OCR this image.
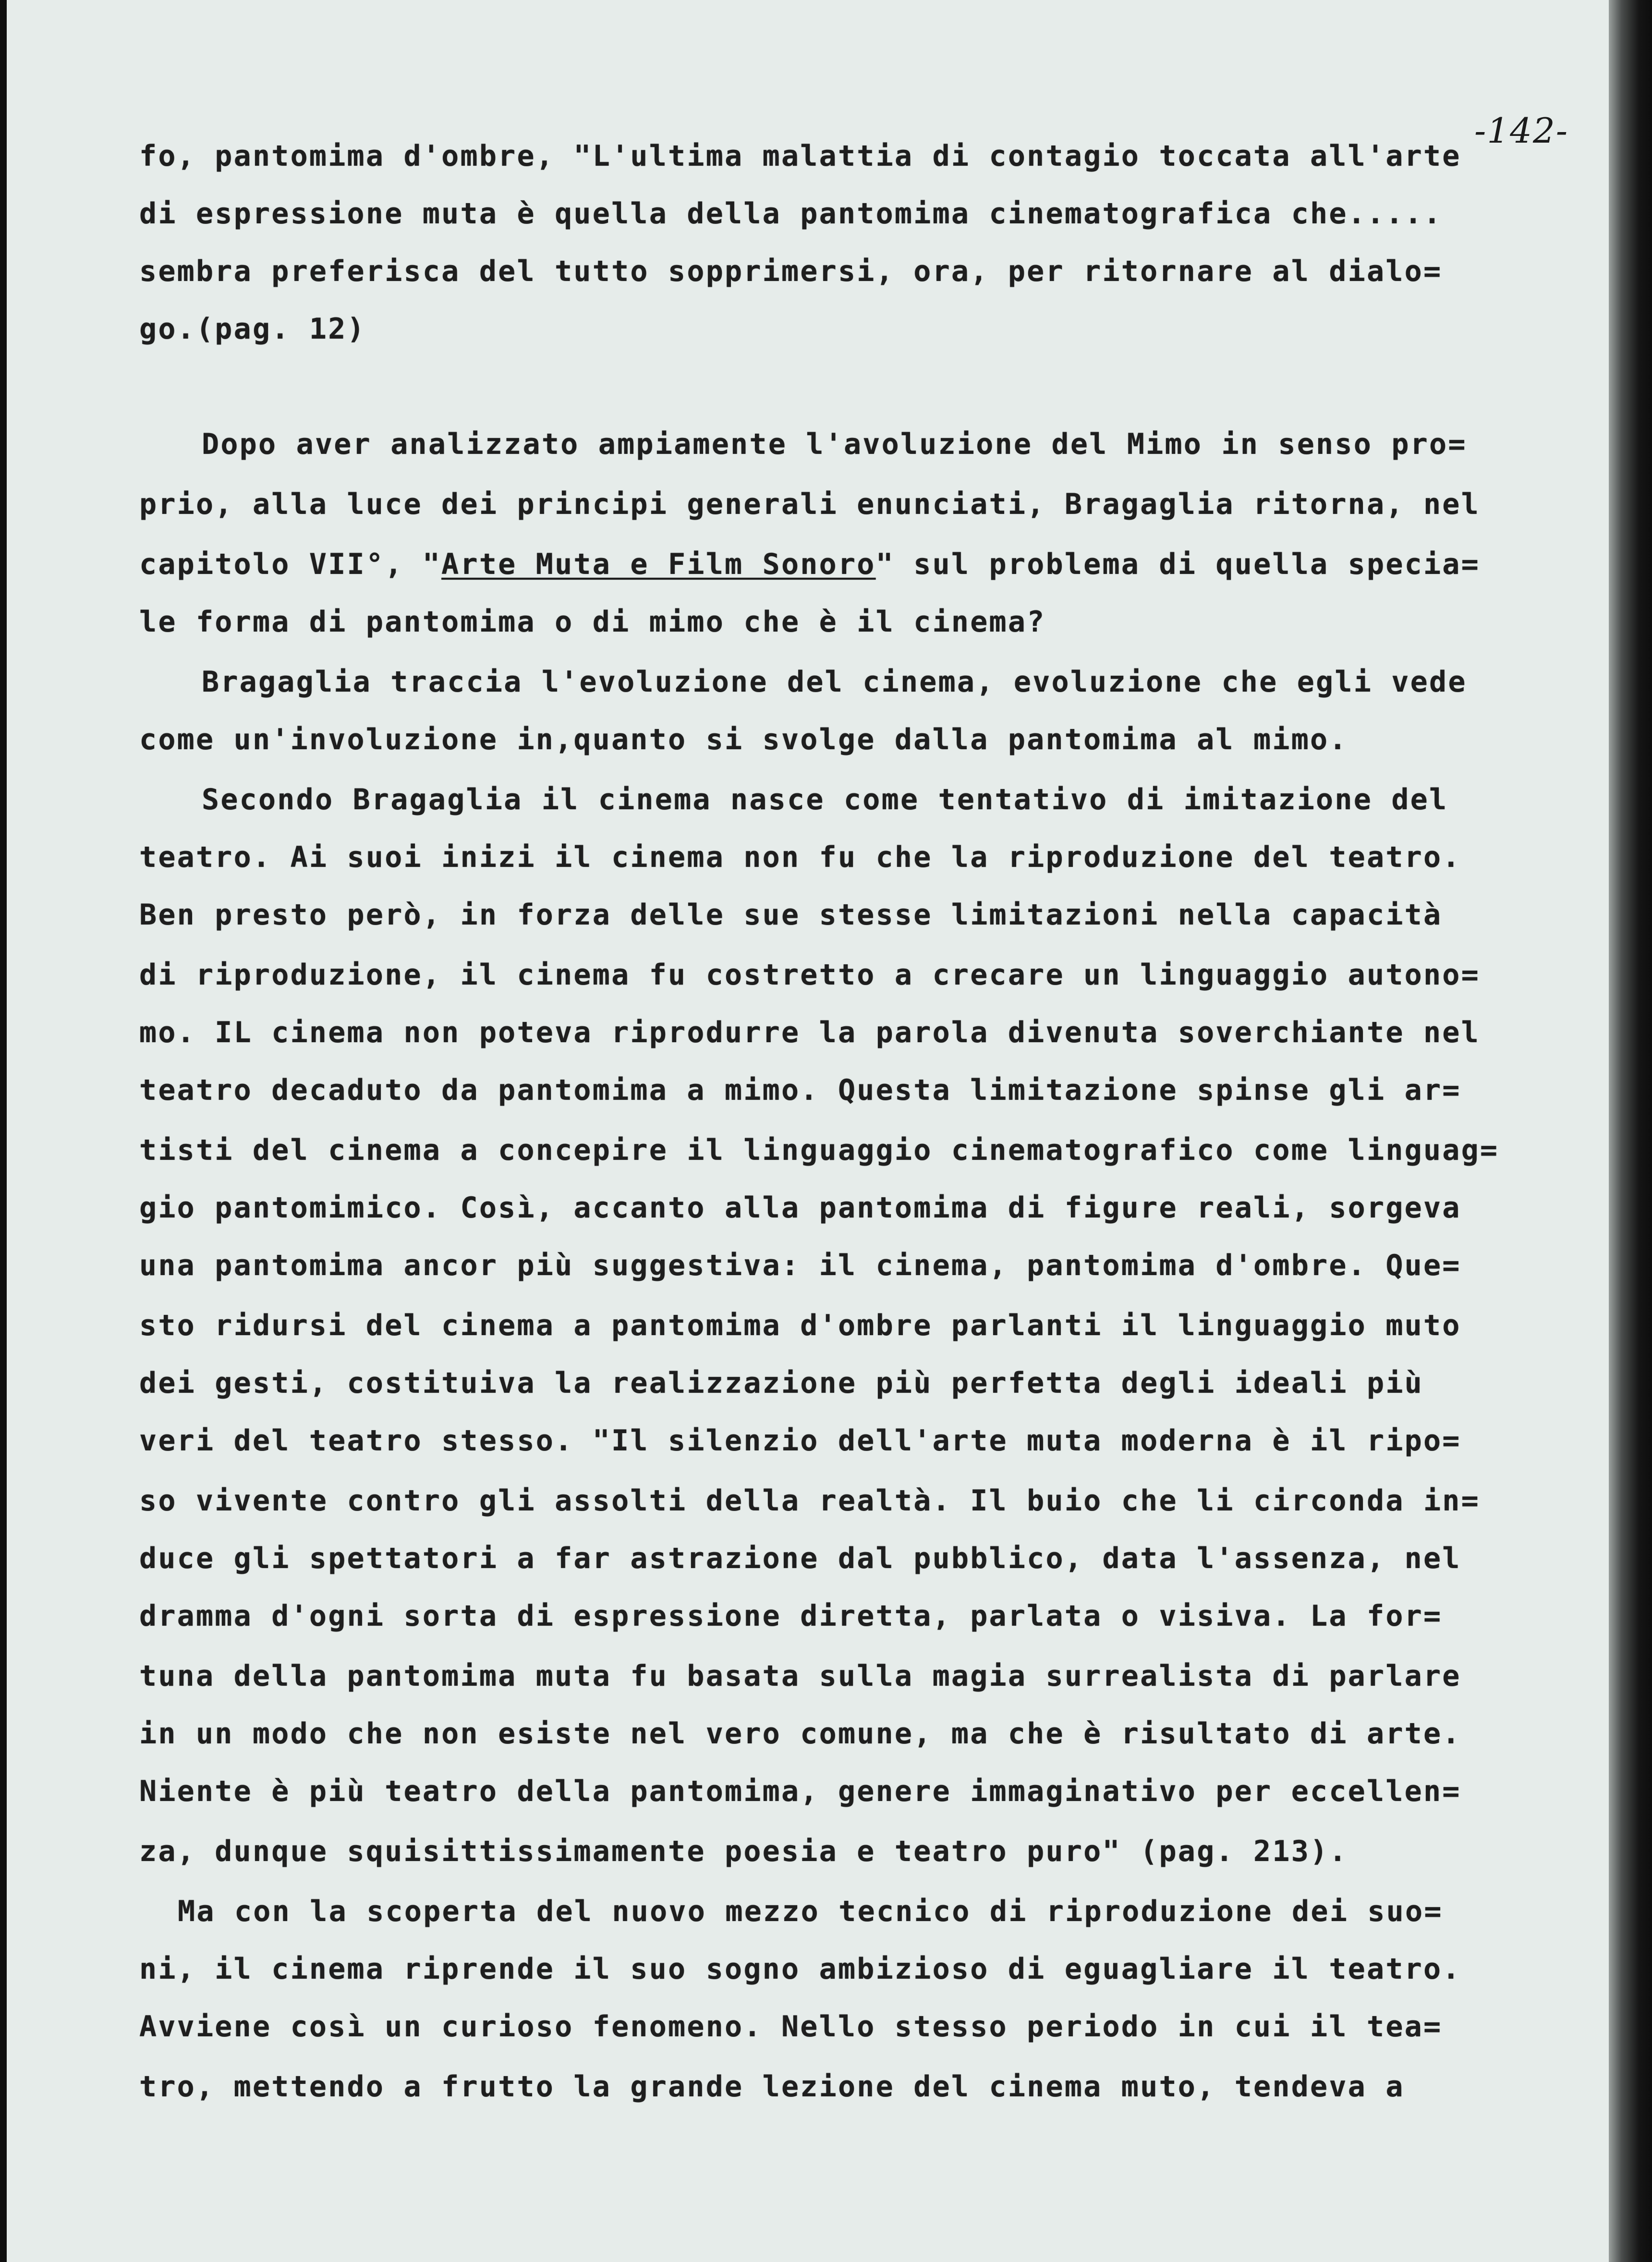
-142-
fo, pantomima d'ombre, "L'ultima malattia di contagio toccata all'arte
di espressione muta è quella della pantomima cinematografica che.....
sembra preferisca del tutto sopprimersi, ora, per ritornare al dialo=
go.(pag. 12)
Dopo aver analizzato ampiamente l'avoluzione del Mimo in senso pro=
prio, alla luce dei principi generali enunciati, Bragaglia ritorna, nel
capitolo VII°, "Arte Muta e Film Sonoro" sul problema di quella specia=
le forma di pantomima o di mimo che è il cinema?
Bragaglia traccia l'evoluzione del cinema, evoluzione che egli vede
come un'involuzione in,quanto si svolge dalla pantomima al mimo.
Secondo Bragaglia il cinema nasce come tentativo di imitazione del
teatro. Ai suoi inizi il cinema non fu che la riproduzione del teatro.
Ben presto però, in forza delle sue stesse limitazioni nella capacità
di riproduzione, il cinema fu costretto a crecare un linguaggio autono=
mo. IL cinema non poteva riprodurre la parola divenuta soverchiante nel
teatro decaduto da pantomima a mimo. Questa limitazione spinse gli ar=
tisti del cinema a concepire il linguaggio cinematografico come linguag=
gio pantomimico. Così, accanto alla pantomima di figure reali, sorgeva
una pantomima ancor più suggestiva: il cinema, pantomima d'ombre. Que=
sto ridursi del cinema a pantomima d'ombre parlanti il linguaggio muto
dei gesti, costituiva la realizzazione più perfetta degli ideali più
veri del teatro stesso. "Il silenzio dell'arte muta moderna è il ripo=
so vivente contro gli assolti della realtà. Il buio che li circonda in=
duce gli spettatori a far astrazione dal pubblico, data l'assenza, nel
dramma d'ogni sorta di espressione diretta, parlata o visiva. La for=
tuna della pantomima muta fu basata sulla magia surrealista di parlare
in un modo che non esiste nel vero comune, ma che è risultato di arte.
Niente è più teatro della pantomima, genere immaginativo per eccellen=
za, dunque squisittissimamente poesia e teatro puro" (pag. 213).
Ma con la scoperta del nuovo mezzo tecnico di riproduzione dei suo=
ni, il cinema riprende il suo sogno ambizioso di eguagliare il teatro.
Avviene così un curioso fenomeno. Nello stesso periodo in cui il tea=
tro, mettendo a frutto la grande lezione del cinema muto, tendeva a
